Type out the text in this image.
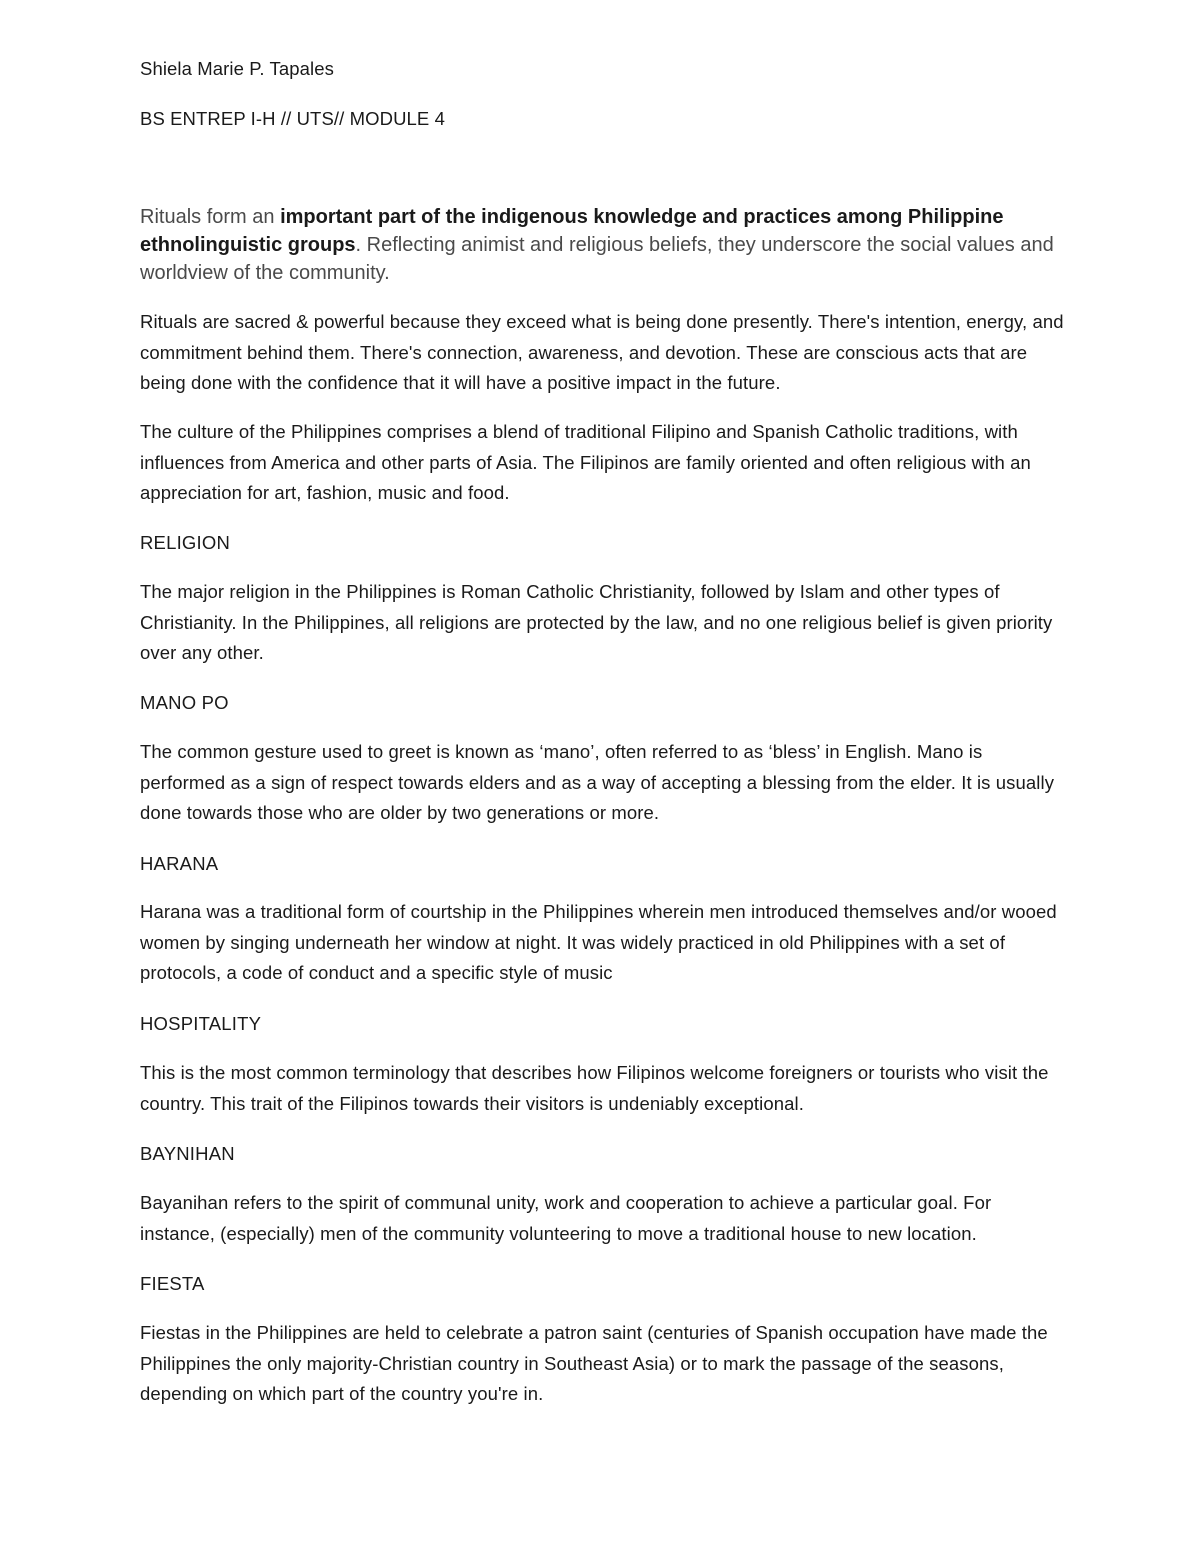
Shiela Marie P. Tapales
BS ENTREP I-H // UTS// MODULE 4
Rituals form an important part of the indigenous knowledge and practices among Philippine ethnolinguistic groups. Reflecting animist and religious beliefs, they underscore the social values and worldview of the community.
Rituals are sacred & powerful because they exceed what is being done presently. There's intention, energy, and commitment behind them. There's connection, awareness, and devotion. These are conscious acts that are being done with the confidence that it will have a positive impact in the future.
The culture of the Philippines comprises a blend of traditional Filipino and Spanish Catholic traditions, with influences from America and other parts of Asia. The Filipinos are family oriented and often religious with an appreciation for art, fashion, music and food.
RELIGION
The major religion in the Philippines is Roman Catholic Christianity, followed by Islam and other types of Christianity. In the Philippines, all religions are protected by the law, and no one religious belief is given priority over any other.
MANO PO
The common gesture used to greet is known as ‘mano’, often referred to as ‘bless’ in English. Mano is performed as a sign of respect towards elders and as a way of accepting a blessing from the elder. It is usually done towards those who are older by two generations or more.
HARANA
Harana was a traditional form of courtship in the Philippines wherein men introduced themselves and/or wooed women by singing underneath her window at night. It was widely practiced in old Philippines with a set of protocols, a code of conduct and a specific style of music
HOSPITALITY
This is the most common terminology that describes how Filipinos welcome foreigners or tourists who visit the country. This trait of the Filipinos towards their visitors is undeniably exceptional.
BAYNIHAN
Bayanihan refers to the spirit of communal unity, work and cooperation to achieve a particular goal. For instance, (especially) men of the community volunteering to move a traditional house to new location.
FIESTA
Fiestas in the Philippines are held to celebrate a patron saint (centuries of Spanish occupation have made the Philippines the only majority-Christian country in Southeast Asia) or to mark the passage of the seasons, depending on which part of the country you're in.
